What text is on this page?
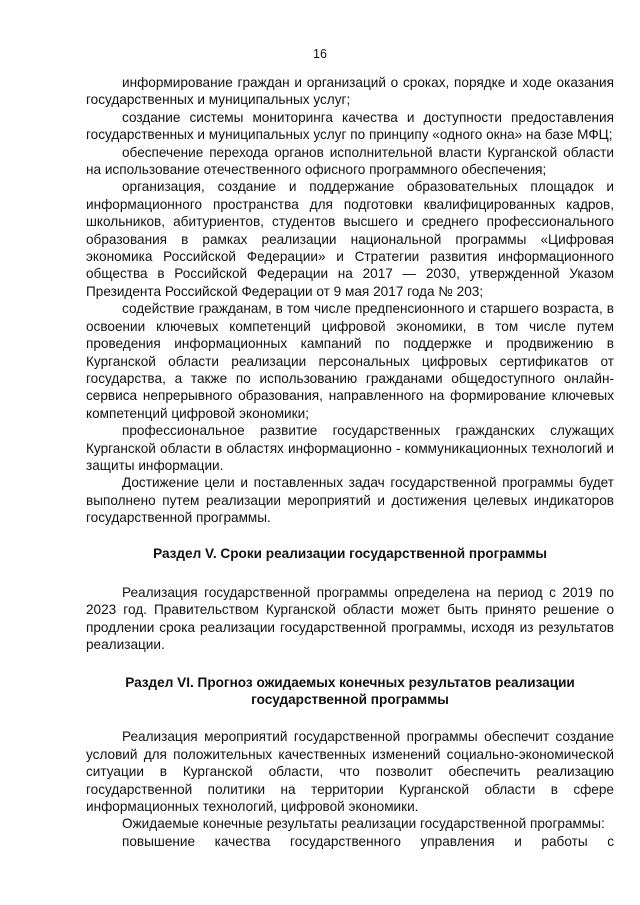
16

информирование граждан и организаций о сроках, порядке и ходе оказания государственных и муниципальных услуг;

создание системы мониторинга качества и доступности предоставления государственных и муниципальных услуг по принципу «одного окна» на базе МФЦ;

обеспечение перехода органов исполнительной власти Курганской области на использование отечественного офисного программного обеспечения;

организация, создание и поддержание образовательных площадок и информационного пространства для подготовки квалифицированных кадров, школьников, абитуриентов, студентов высшего и среднего профессионального образования в рамках реализации национальной программы «Цифровая экономика Российской Федерации» и Стратегии развития информационного общества в Российской Федерации на 2017 — 2030, утвержденной Указом Президента Российской Федерации от 9 мая 2017 года № 203;

содействие гражданам, в том числе предпенсионного и старшего возраста, в освоении ключевых компетенций цифровой экономики, в том числе путем проведения информационных кампаний по поддержке и продвижению в Курганской области реализации персональных цифровых сертификатов от государства, а также по использованию гражданами общедоступного онлайн-сервиса непрерывного образования, направленного на формирование ключевых компетенций цифровой экономики;

профессиональное развитие государственных гражданских служащих Курганской области в областях информационно - коммуникационных технологий и защиты информации.

Достижение цели и поставленных задач государственной программы будет выполнено путем реализации мероприятий и достижения целевых индикаторов государственной программы.

Раздел V. Сроки реализации государственной программы

Реализация государственной программы определена на период с 2019 по 2023 год. Правительством Курганской области может быть принято решение о продлении срока реализации государственной программы, исходя из результатов реализации.

Раздел VI. Прогноз ожидаемых конечных результатов реализации
государственной программы

Реализация мероприятий государственной программы обеспечит создание условий для положительных качественных изменений социально-экономической ситуации в Курганской области, что позволит обеспечить реализацию государственной политики на территории Курганской области в сфере информационных технологий, цифровой экономики.

Ожидаемые конечные результаты реализации государственной программы:

повышение качества государственного управления и работы с
